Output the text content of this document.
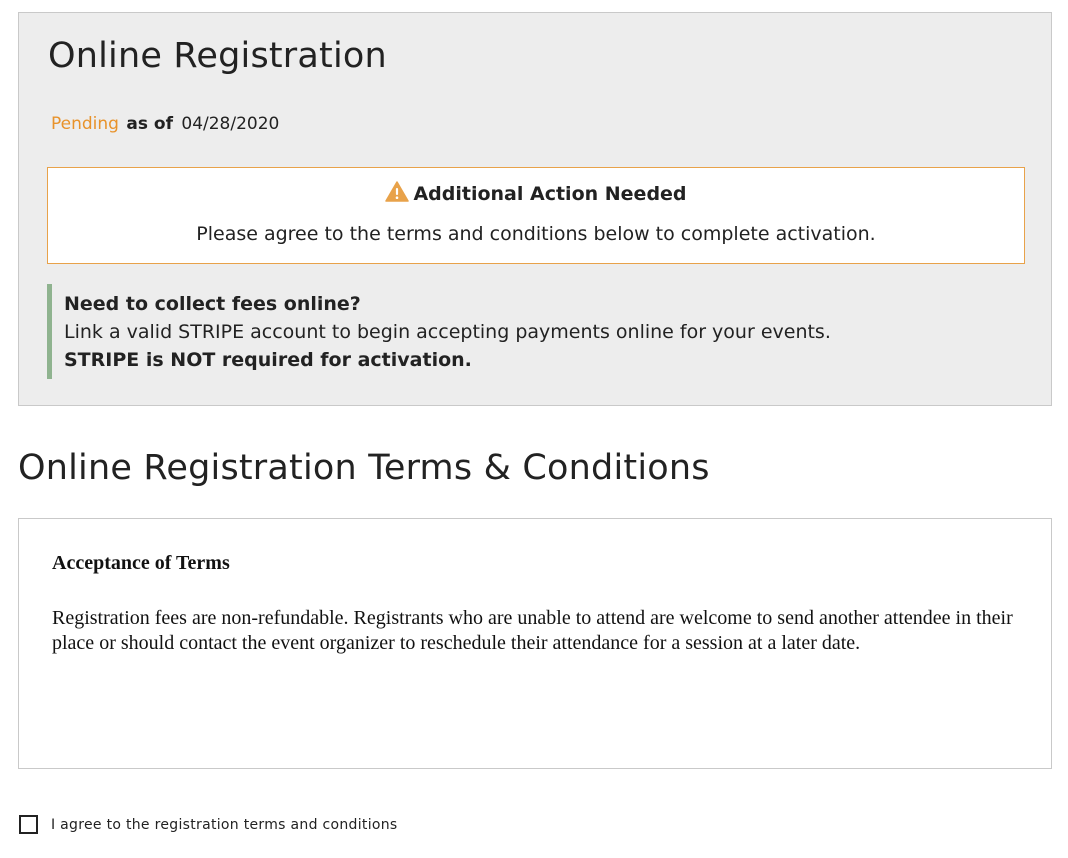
Online Registration
Pending as of 04/28/2020
Additional Action Needed
Please agree to the terms and conditions below to complete activation.
Need to collect fees online?
Link a valid STRIPE account to begin accepting payments online for your events.
STRIPE is NOT required for activation.
Online Registration Terms & Conditions
Acceptance of Terms
Registration fees are non-refundable. Registrants who are unable to attend are welcome to send another attendee in their place or should contact the event organizer to reschedule their attendance for a session at a later date.
I agree to the registration terms and conditions
